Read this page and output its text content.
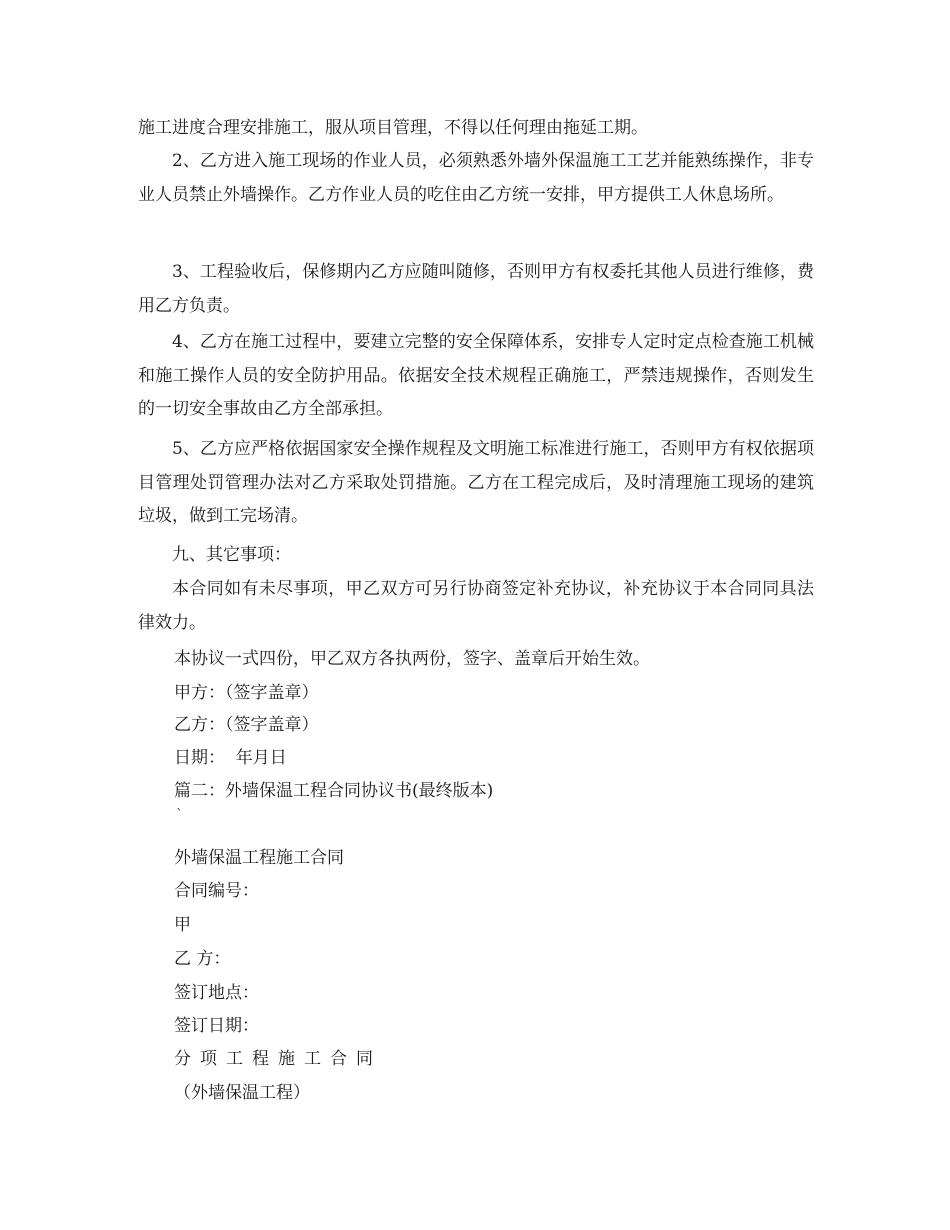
施工进度合理安排施工，服从项目管理，不得以任何理由拖延工期。

2、乙方进入施工现场的作业人员，必须熟悉外墙外保温施工工艺并能熟练操作，非专业人员禁止外墙操作。乙方作业人员的吃住由乙方统一安排，甲方提供工人休息场所。

3、工程验收后，保修期内乙方应随叫随修，否则甲方有权委托其他人员进行维修，费用乙方负责。

4、乙方在施工过程中，要建立完整的安全保障体系，安排专人定时定点检查施工机械和施工操作人员的安全防护用品。依据安全技术规程正确施工，严禁违规操作，否则发生的一切安全事故由乙方全部承担。

5、乙方应严格依据国家安全操作规程及文明施工标准进行施工，否则甲方有权依据项目管理处罚管理办法对乙方采取处罚措施。乙方在工程完成后，及时清理施工现场的建筑垃圾，做到工完场清。

九、其它事项：

本合同如有未尽事项，甲乙双方可另行协商签定补充协议，补充协议于本合同同具法律效力。

本协议一式四份，甲乙双方各执两份，签字、盖章后开始生效。

甲方：（签字盖章）

乙方：（签字盖章）

日期：  年月日

篇二：外墙保温工程合同协议书(最终版本)

`

外墙保温工程施工合同

合同编号：

甲

乙 方：

签订地点：

签订日期：

分项工程施工合同

（外墙保温工程）
